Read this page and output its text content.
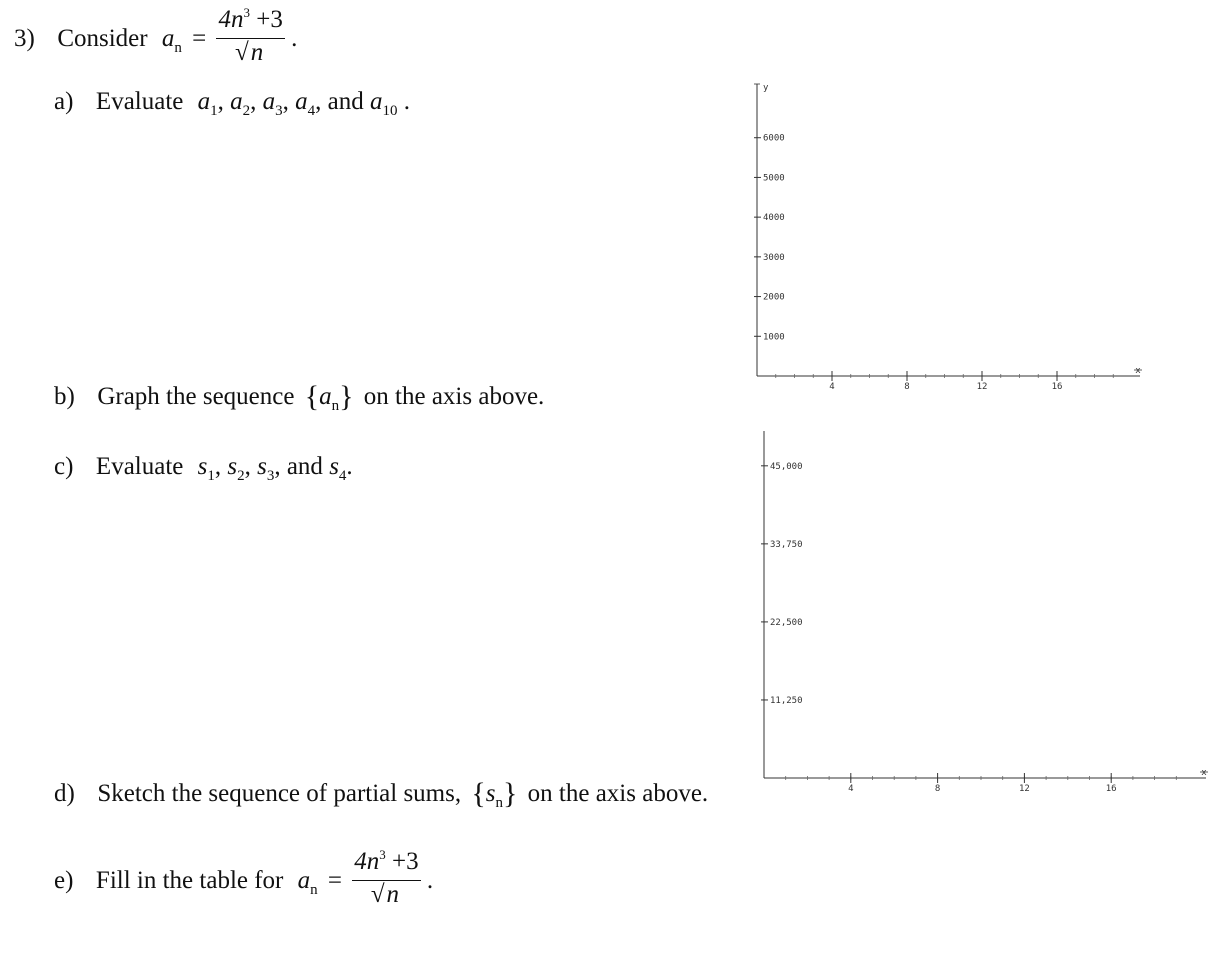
3) Consider $a_n = \frac{4n^3 +3}{√n}$ .
a) Evaluate $a_1$, $a_2$, $a_3$, $a_4$, and $a_{10}$ .
b) Graph the sequence $\{a_n\}$ on the axis above.
c) Evaluate $s_1$, $s_2$, $s_3$, and $s_4$.
d) Sketch the sequence of partial sums, $\{s_n\}$ on the axis above.
e) Fill in the table for $a_n = \frac{4n^3 +3}{√n}$ .
4	8	12	16
1000
2000
3000
4000
5000
6000
x
y
4	8	12	16
11,250
22,500
33,750
45,000
x
